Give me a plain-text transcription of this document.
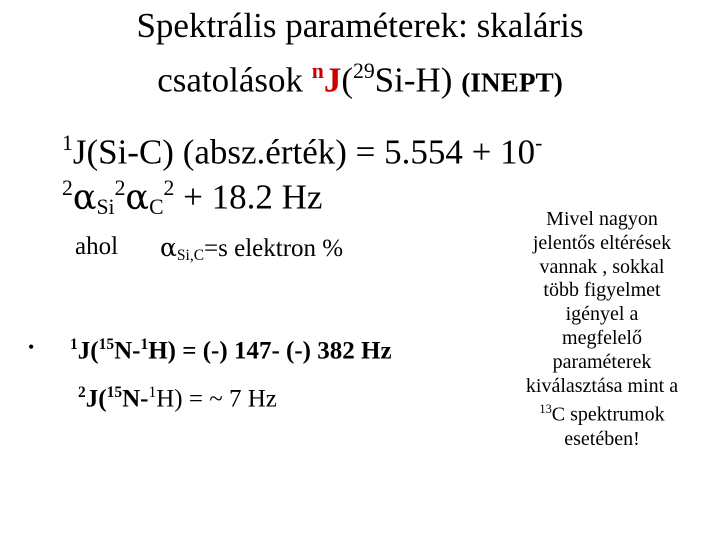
Spektrális paraméterek: skaláris
csatolások $^n$J($^{29}$Si-H) (INEPT)
$^1$J(Si-C) (absz.érték) = 5.554 + 10-
$^2\alpha_{Si}^2\alpha_C^2 + 18.2$ Hz
ahol $\alpha_{Si,C}=s$ elektron %
• $^1$J($^{15}$N-$^1$H) = (-) 147- (-) 382 Hz
$^2$J($^{15}$N-$^1$H) = ~ 7 Hz
Mivel nagyon
jelentős eltérések
vannak , sokkal
több figyelmet
igényel a
megfelelő
paraméterek
kiválasztása mint a
$^{13}$C spektrumok
esetében!
